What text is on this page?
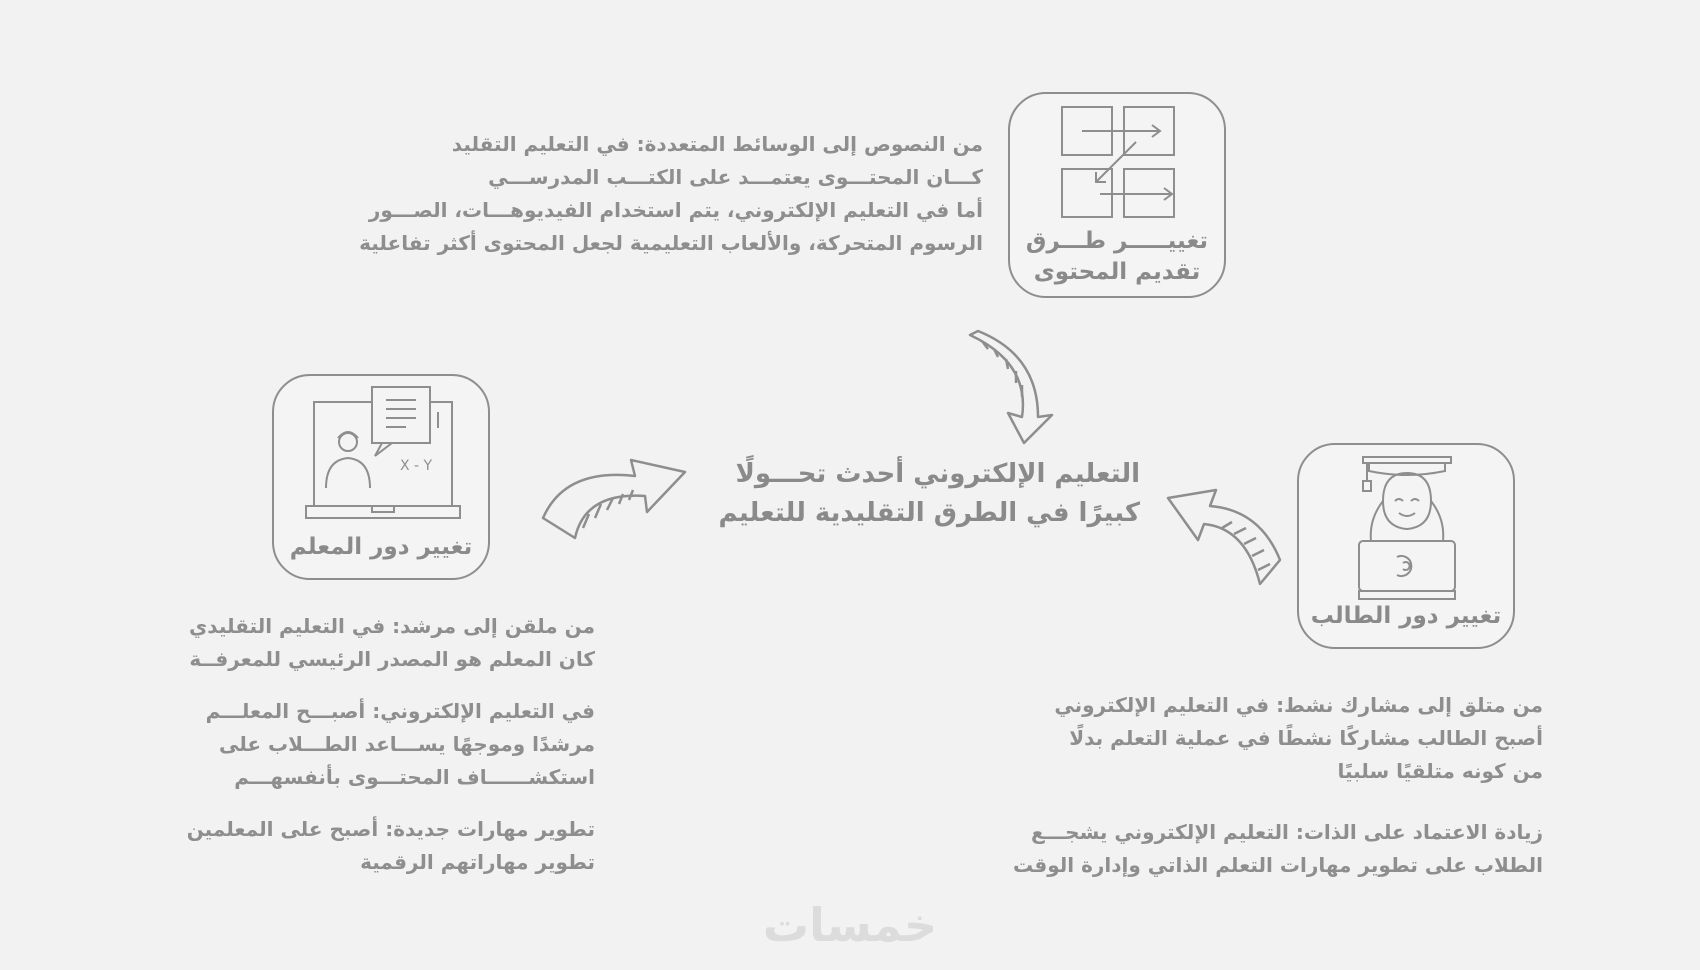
التعليم الإلكتروني أحدث تحـــولًا
كبيرًا في الطرق التقليدية للتعليم
تغييـــــر طـــرق
تقديم المحتوى
من النصوص إلى الوسائط المتعددة: في التعليم التقليد
كـــان المحتـــوى يعتمـــد على الكتـــب المدرســـي
أما في التعليم الإلكتروني، يتم استخدام الفيديوهـــات، الصـــور
الرسوم المتحركة، والألعاب التعليمية لجعل المحتوى أكثر تفاعلية
X - Y
تغيير دور المعلم
من ملقن إلى مرشد: في التعليم التقليدي
كان المعلم هو المصدر الرئيسي للمعرفــة
في التعليم الإلكتروني: أصبـــح المعلـــم
مرشدًا وموجهًا يســـاعد الطـــلاب على
استكشــــــاف المحتـــوى بأنفسهـــم
تطوير مهارات جديدة: أصبح على المعلمين
تطوير مهاراتهم الرقمية
تغيير دور الطالب
من متلق إلى مشارك نشط: في التعليم الإلكتروني
أصبح الطالب مشاركًا نشطًا في عملية التعلم بدلًا
من كونه متلقيًا سلبيًا
زيادة الاعتماد على الذات: التعليم الإلكتروني يشجـــع
الطلاب على تطوير مهارات التعلم الذاتي وإدارة الوقت
خمسات
